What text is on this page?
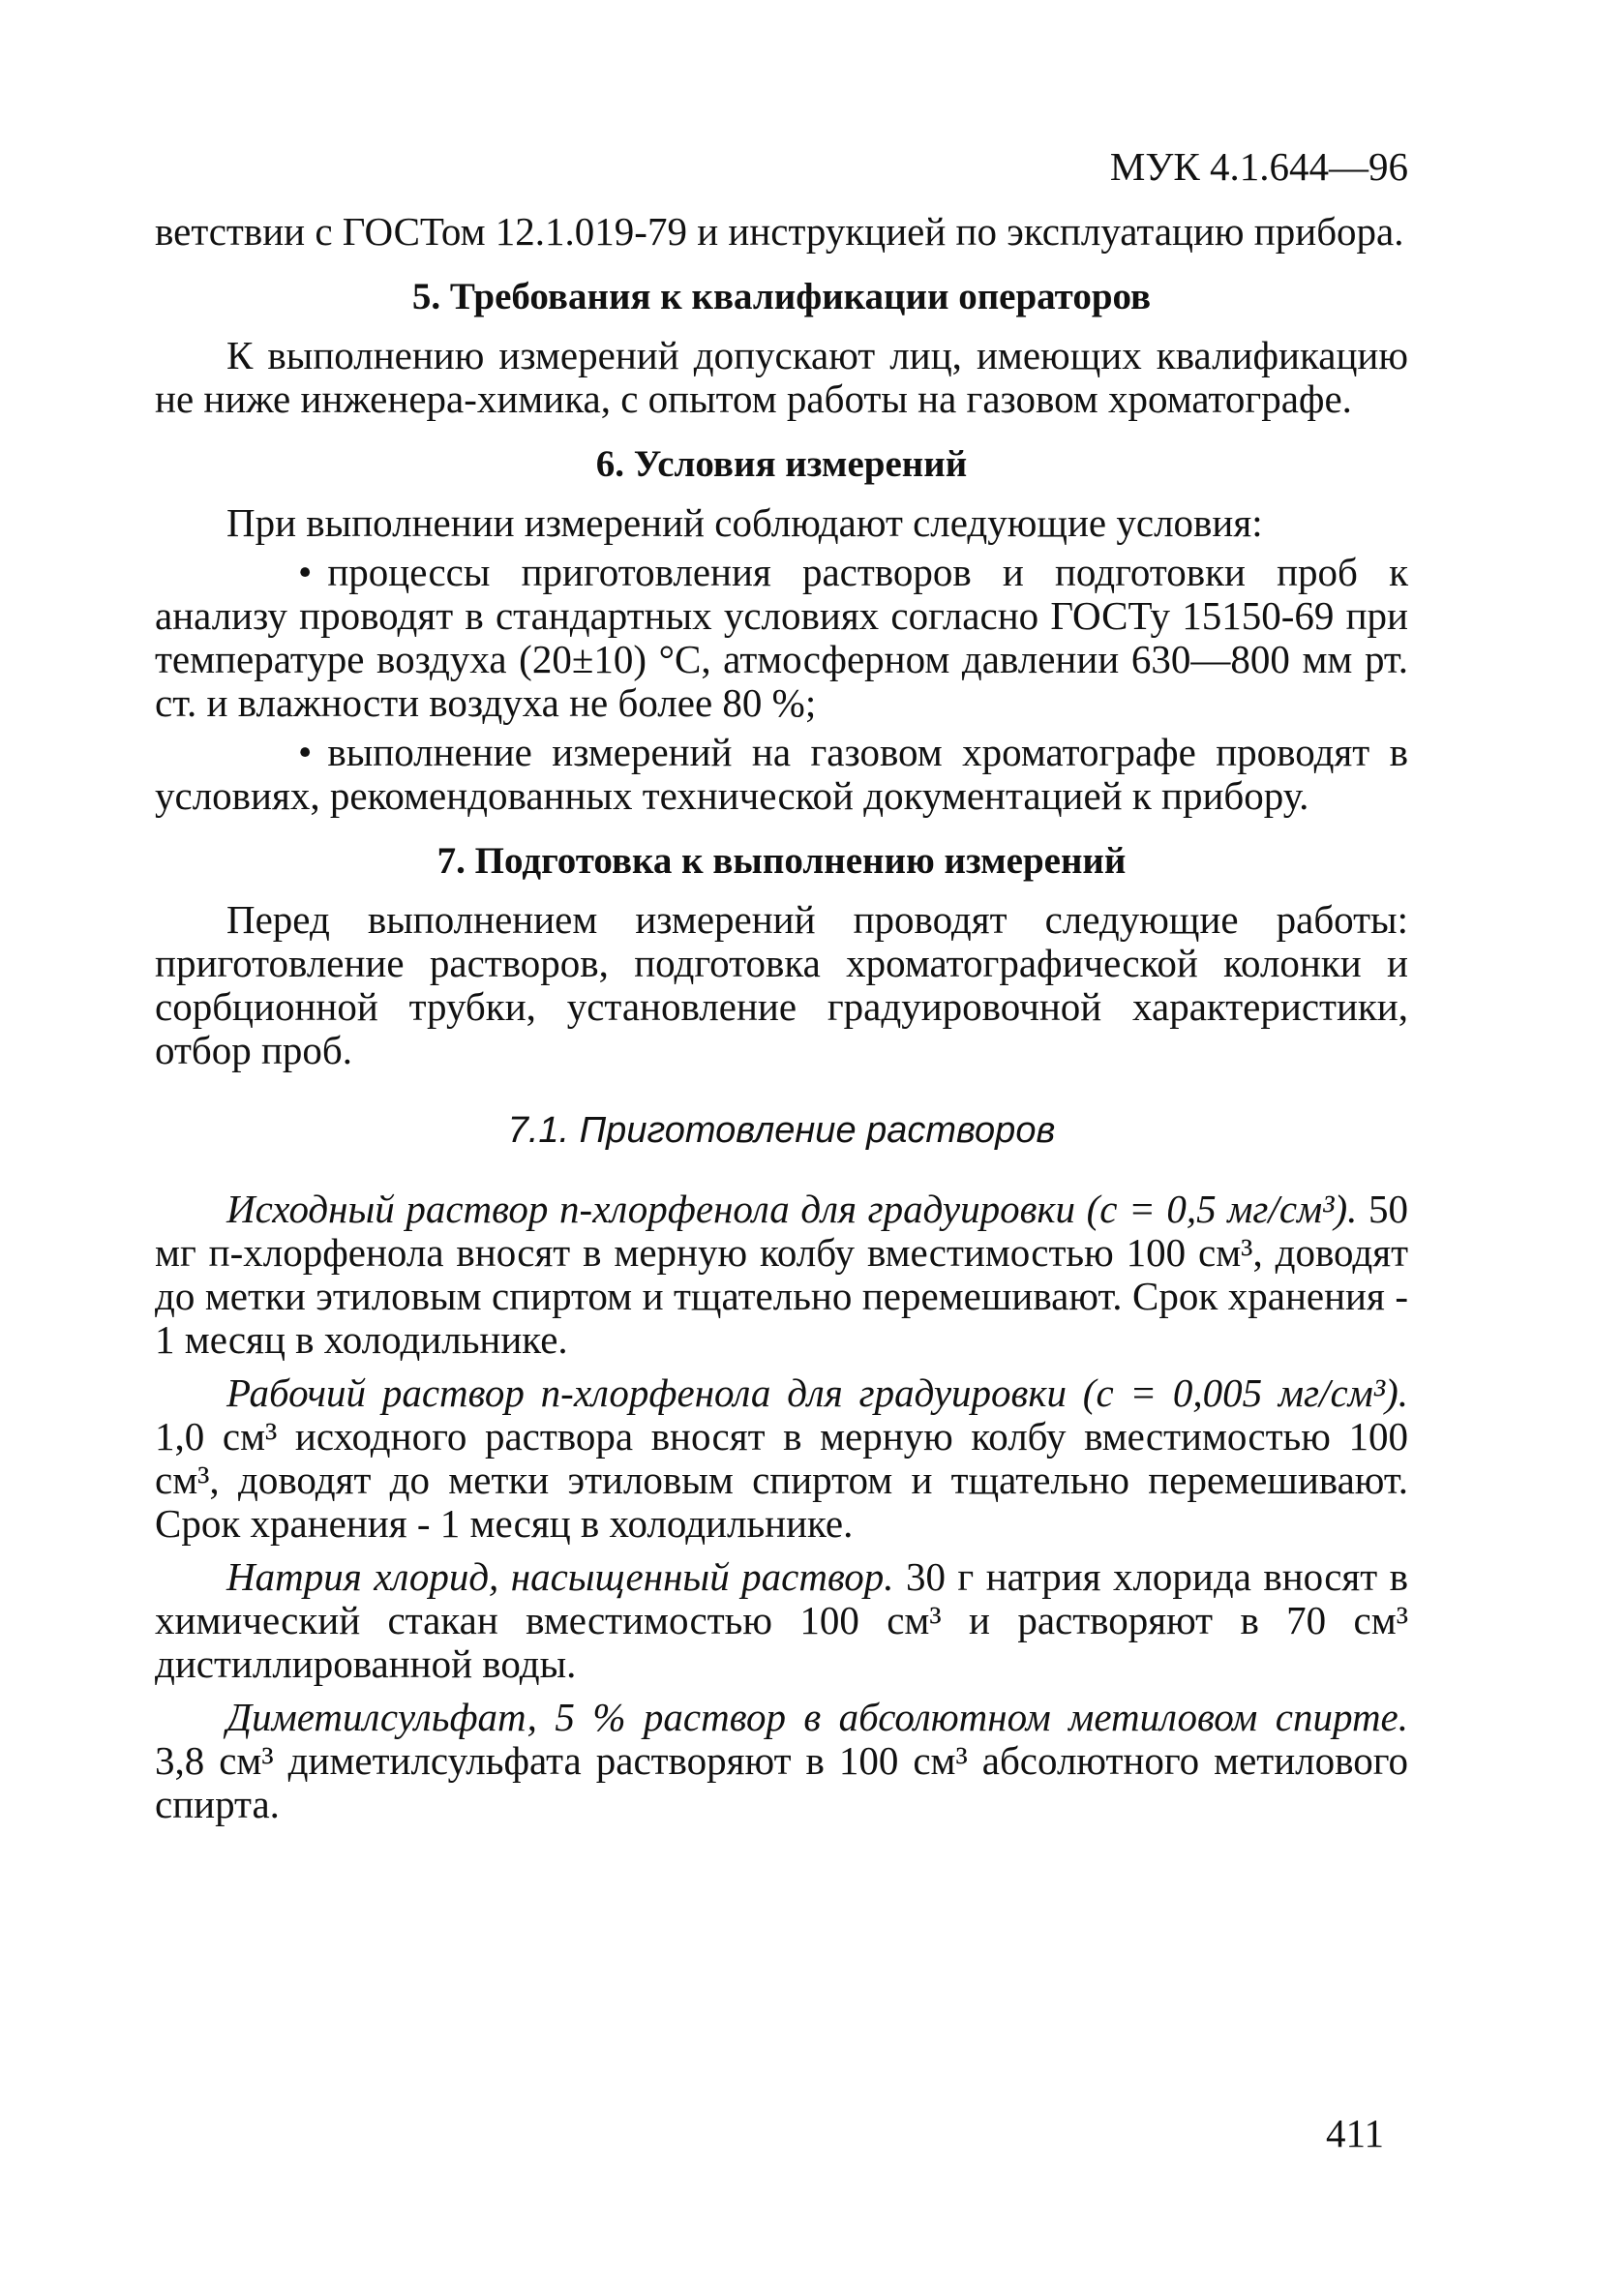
МУК 4.1.644—96

ветствии с ГОСТом 12.1.019-79 и инструкцией по эксплуатацию прибора.

5. Требования к квалификации операторов

К выполнению измерений допускают лиц, имеющих квалификацию не ниже инженера-химика, с опытом работы на газовом хроматографе.

6. Условия измерений

При выполнении измерений соблюдают следующие условия:

• процессы приготовления растворов и подготовки проб к анализу проводят в стандартных условиях согласно ГОСТу 15150-69 при температуре воздуха (20±10) °С, атмосферном давлении 630—800 мм рт. ст. и влажности воздуха не более 80 %;

• выполнение измерений на газовом хроматографе проводят в условиях, рекомендованных технической документацией к прибору.

7. Подготовка к выполнению измерений

Перед выполнением измерений проводят следующие работы: приготовление растворов, подготовка хроматографической колонки и сорбционной трубки, установление градуировочной характеристики, отбор проб.

7.1. Приготовление растворов

Исходный раствор п-хлорфенола для градуировки (с = 0,5 мг/см³). 50 мг п-хлорфенола вносят в мерную колбу вместимостью 100 см³, доводят до метки этиловым спиртом и тщательно перемешивают. Срок хранения - 1 месяц в холодильнике.

Рабочий раствор п-хлорфенола для градуировки (с = 0,005 мг/см³). 1,0 см³ исходного раствора вносят в мерную колбу вместимостью 100 см³, доводят до метки этиловым спиртом и тщательно перемешивают. Срок хранения - 1 месяц в холодильнике.

Натрия хлорид, насыщенный раствор. 30 г натрия хлорида вносят в химический стакан вместимостью 100 см³ и растворяют в 70 см³ дистиллированной воды.

Диметилсульфат, 5 % раствор в абсолютном метиловом спирте. 3,8 см³ диметилсульфата растворяют в 100 см³ абсолютного метилового спирта.

411
